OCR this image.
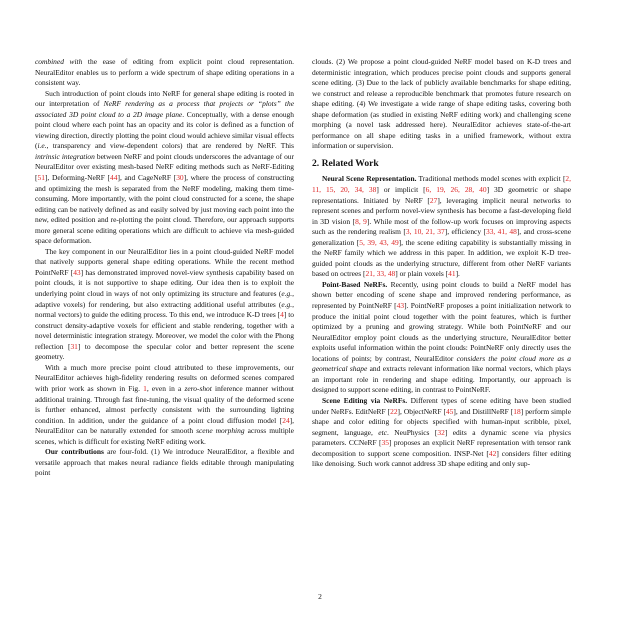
combined with the ease of editing from explicit point cloud representation. NeuralEditor enables us to perform a wide spectrum of shape editing operations in a consistent way.

Such introduction of point clouds into NeRF for general shape editing is rooted in our interpretation of NeRF rendering as a process that projects or “plots” the associated 3D point cloud to a 2D image plane. Conceptually, with a dense enough point cloud where each point has an opacity and its color is defined as a function of viewing direction, directly plotting the point cloud would achieve similar visual effects (i.e., transparency and view-dependent colors) that are rendered by NeRF. This intrinsic integration between NeRF and point clouds underscores the advantage of our NeuralEditor over existing mesh-based NeRF editing methods such as NeRF-Editing [51], Deforming-NeRF [44], and CageNeRF [30], where the process of constructing and optimizing the mesh is separated from the NeRF modeling, making them time-consuming. More importantly, with the point cloud constructed for a scene, the shape editing can be natively defined as and easily solved by just moving each point into the new, edited position and re-plotting the point cloud. Therefore, our approach supports more general scene editing operations which are difficult to achieve via mesh-guided space deformation.

The key component in our NeuralEditor lies in a point cloud-guided NeRF model that natively supports general shape editing operations. While the recent method PointNeRF [43] has demonstrated improved novel-view synthesis capability based on point clouds, it is not supportive to shape editing. Our idea then is to exploit the underlying point cloud in ways of not only optimizing its structure and features (e.g., adaptive voxels) for rendering, but also extracting additional useful attributes (e.g., normal vectors) to guide the editing process. To this end, we introduce K-D trees [4] to construct density-adaptive voxels for efficient and stable rendering, together with a novel deterministic integration strategy. Moreover, we model the color with the Phong reflection [31] to decompose the specular color and better represent the scene geometry.

With a much more precise point cloud attributed to these improvements, our NeuralEditor achieves high-fidelity rendering results on deformed scenes compared with prior work as shown in Fig. 1, even in a zero-shot inference manner without additional training. Through fast fine-tuning, the visual quality of the deformed scene is further enhanced, almost perfectly consistent with the surrounding lighting condition. In addition, under the guidance of a point cloud diffusion model [24], NeuralEditor can be naturally extended for smooth scene morphing across multiple scenes, which is difficult for existing NeRF editing work.

Our contributions are four-fold. (1) We introduce NeuralEditor, a flexible and versatile approach that makes neural radiance fields editable through manipulating point

clouds. (2) We propose a point cloud-guided NeRF model based on K-D trees and deterministic integration, which produces precise point clouds and supports general scene editing. (3) Due to the lack of publicly available benchmarks for shape editing, we construct and release a reproducible benchmark that promotes future research on shape editing. (4) We investigate a wide range of shape editing tasks, covering both shape deformation (as studied in existing NeRF editing work) and challenging scene morphing (a novel task addressed here). NeuralEditor achieves state-of-the-art performance on all shape editing tasks in a unified framework, without extra information or supervision.

2. Related Work

Neural Scene Representation. Traditional methods model scenes with explicit [2, 11, 15, 20, 34, 38] or implicit [6, 19, 26, 28, 40] 3D geometric or shape representations. Initiated by NeRF [27], leveraging implicit neural networks to represent scenes and perform novel-view synthesis has become a fast-developing field in 3D vision [8, 9]. While most of the follow-up work focuses on improving aspects such as the rendering realism [3, 10, 21, 37], efficiency [33, 41, 48], and cross-scene generalization [5, 39, 43, 49], the scene editing capability is substantially missing in the NeRF family which we address in this paper. In addition, we exploit K-D tree-guided point clouds as the underlying structure, different from other NeRF variants based on octrees [21, 33, 48] or plain voxels [41].

Point-Based NeRFs. Recently, using point clouds to build a NeRF model has shown better encoding of scene shape and improved rendering performance, as represented by PointNeRF [43]. PointNeRF proposes a point initialization network to produce the initial point cloud together with the point features, which is further optimized by a pruning and growing strategy. While both PointNeRF and our NeuralEditor employ point clouds as the underlying structure, NeuralEditor better exploits useful information within the point clouds: PointNeRF only directly uses the locations of points; by contrast, NeuralEditor considers the point cloud more as a geometrical shape and extracts relevant information like normal vectors, which plays an important role in rendering and shape editing. Importantly, our approach is designed to support scene editing, in contrast to PointNeRF.

Scene Editing via NeRFs. Different types of scene editing have been studied under NeRFs. EditNeRF [22], ObjectNeRF [45], and DistillNeRF [18] perform simple shape and color editing for objects specified with human-input scribble, pixel, segment, language, etc. NeuPhysics [32] edits a dynamic scene via physics parameters. CCNeRF [35] proposes an explicit NeRF representation with tensor rank decomposition to support scene composition. INSP-Net [42] considers filter editing like denoising. Such work cannot address 3D shape editing and only sup-

2
